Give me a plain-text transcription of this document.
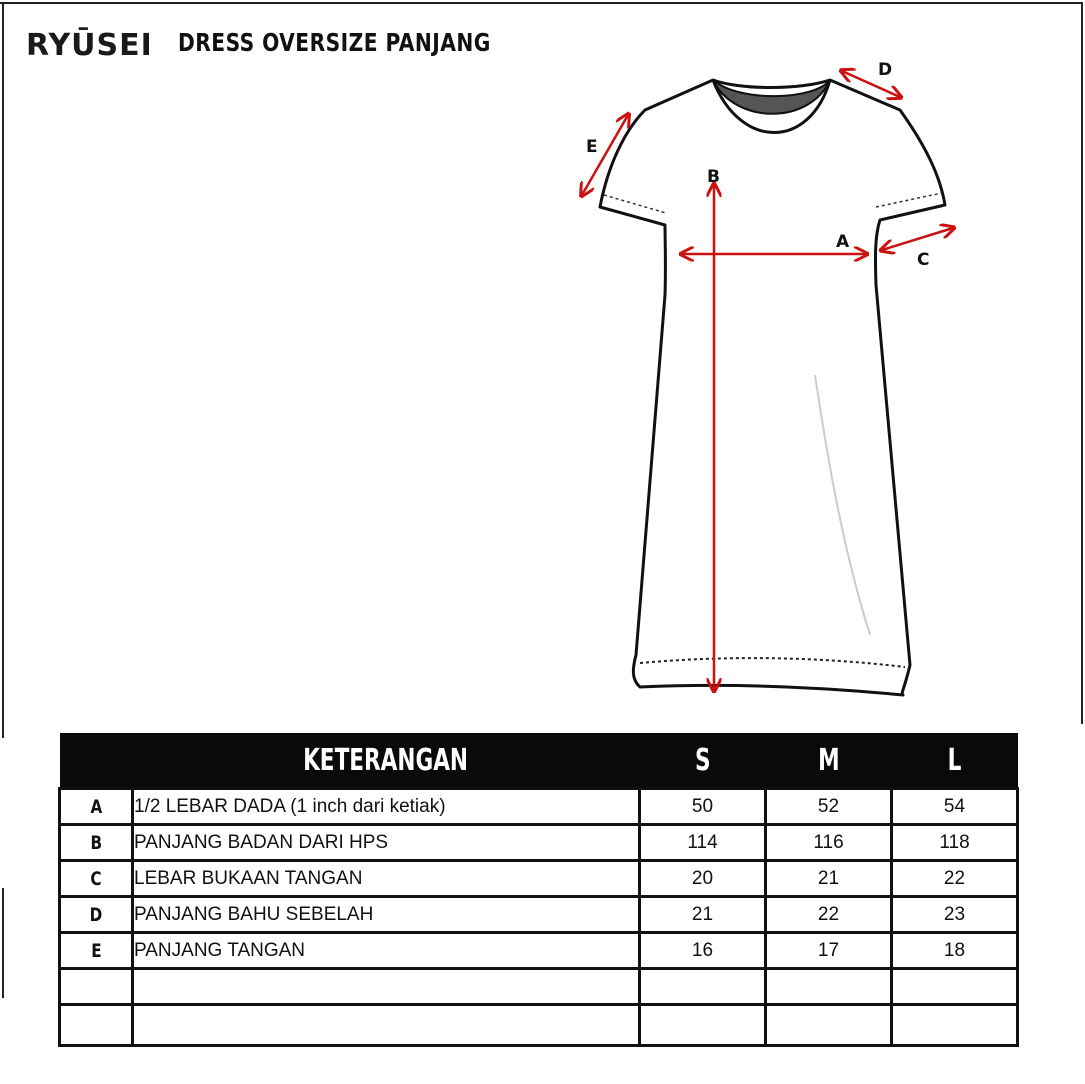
RYŪSEI DRESS OVERSIZE PANJANG
A
B
C
D
E
	KETERANGAN	S	M	L
A	1/2 LEBAR DADA (1 inch dari ketiak)	50	52	54
B	PANJANG BADAN DARI HPS	114	116	118
C	LEBAR BUKAAN TANGAN	20	21	22
D	PANJANG BAHU SEBELAH	21	22	23
E	PANJANG TANGAN	16	17	18
